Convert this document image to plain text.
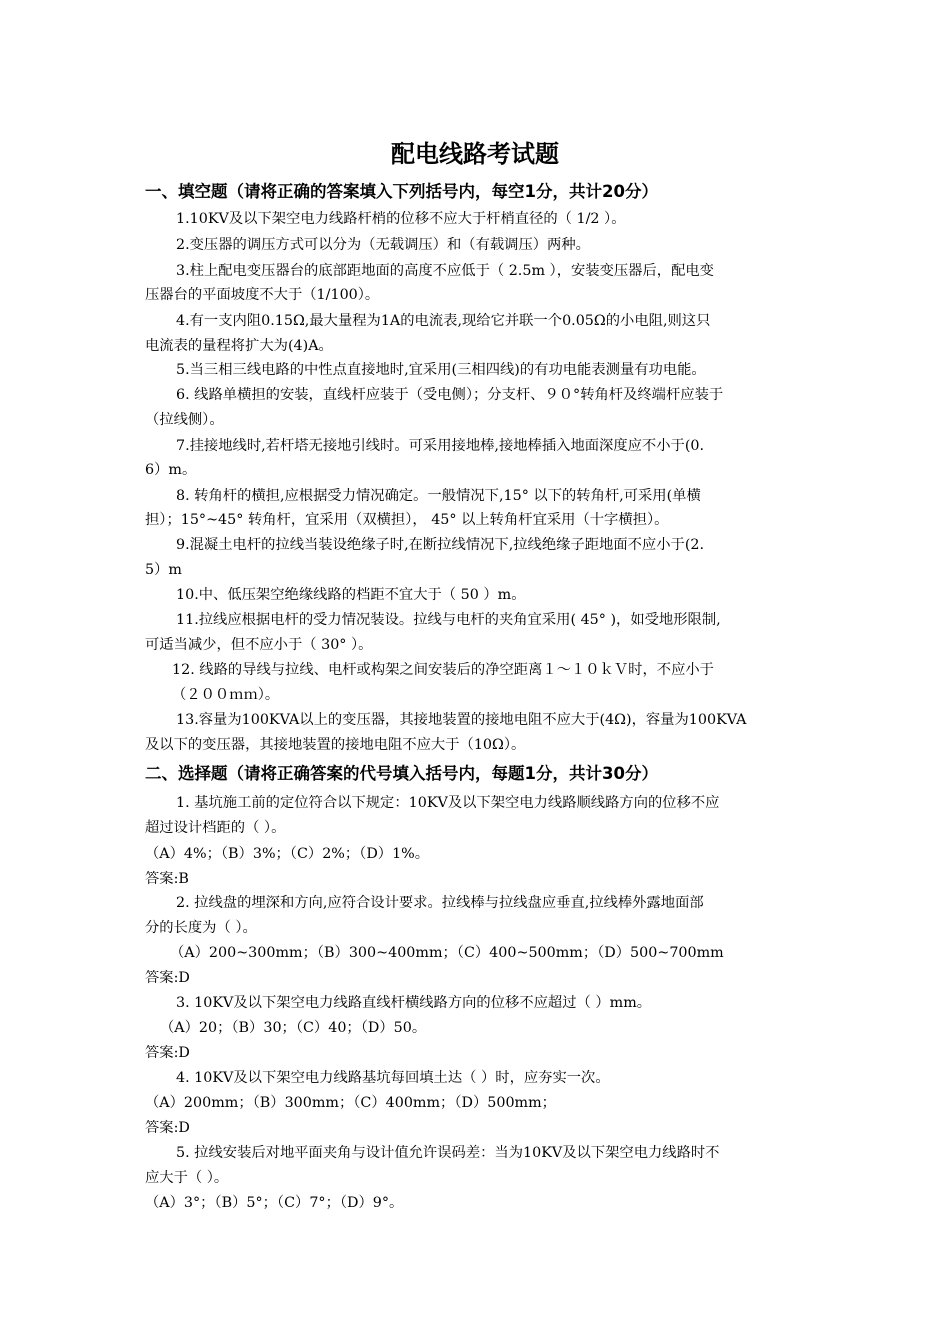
配电线路考试题
一、填空题（请将正确的答案填入下列括号内，每空1分，共计20分）
1.10KV及以下架空电力线路杆梢的位移不应大于杆梢直径的（ 1/2 ）。
2.变压器的调压方式可以分为（无载调压）和（有载调压）两种。
3.柱上配电变压器台的底部距地面的高度不应低于（ 2.5m ），安装变压器后，配电变
压器台的平面坡度不大于（1/100）。
4.有一支内阻0.15Ω,最大量程为1A的电流表,现给它并联一个0.05Ω的小电阻,则这只
电流表的量程将扩大为(4)A。
5.当三相三线电路的中性点直接地时,宜采用(三相四线)的有功电能表测量有功电能。
6. 线路单横担的安装，直线杆应装于（受电侧）；分支杆、９０°转角杆及终端杆应装于
（拉线侧）。
7.挂接地线时,若杆塔无接地引线时。可采用接地棒,接地棒插入地面深度应不小于(0.
6）m。
8. 转角杆的横担,应根据受力情况确定。一般情况下,15° 以下的转角杆,可采用(单横
担）；15°~45° 转角杆，宜采用（双横担）， 45° 以上转角杆宜采用（十字横担）。
9.混凝土电杆的拉线当装设绝缘子时,在断拉线情况下,拉线绝缘子距地面不应小于(2.
5）m
10.中、低压架空绝缘线路的档距不宜大于（ 50 ）m。
11.拉线应根据电杆的受力情况装设。拉线与电杆的夹角宜采用( 45° )，如受地形限制,
可适当减少，但不应小于（ 30° ）。
12. 线路的导线与拉线、电杆或构架之间安装后的净空距离１～１０ｋＶ时，不应小于
（２００ｍｍ）。
13.容量为100KVA以上的变压器，其接地装置的接地电阻不应大于(4Ω)，容量为100KVA
及以下的变压器，其接地装置的接地电阻不应大于（10Ω）。
二、选择题（请将正确答案的代号填入括号内，每题1分，共计30分）
1. 基坑施工前的定位符合以下规定：10KV及以下架空电力线路顺线路方向的位移不应
超过设计档距的（ ）。
（A）4%；（B）3%；（C）2%；（D）1%。
答案:B
2. 拉线盘的埋深和方向,应符合设计要求。拉线棒与拉线盘应垂直,拉线棒外露地面部
分的长度为（ ）。
（A）200~300mm；（B）300~400mm；（C）400~500mm；（D）500~700mm
答案:D
3. 10KV及以下架空电力线路直线杆横线路方向的位移不应超过（ ）mm。
（A）20；（B）30；（C）40；（D）50。
答案:D
4. 10KV及以下架空电力线路基坑每回填土达（ ）时，应夯实一次。
（A）200mm；（B）300mm；（C）400mm；（D）500mm；
答案:D
5. 拉线安装后对地平面夹角与设计值允许误码差：当为10KV及以下架空电力线路时不
应大于（ ）。
（A）3°；（B）5°；（C）7°；（D）9°。
